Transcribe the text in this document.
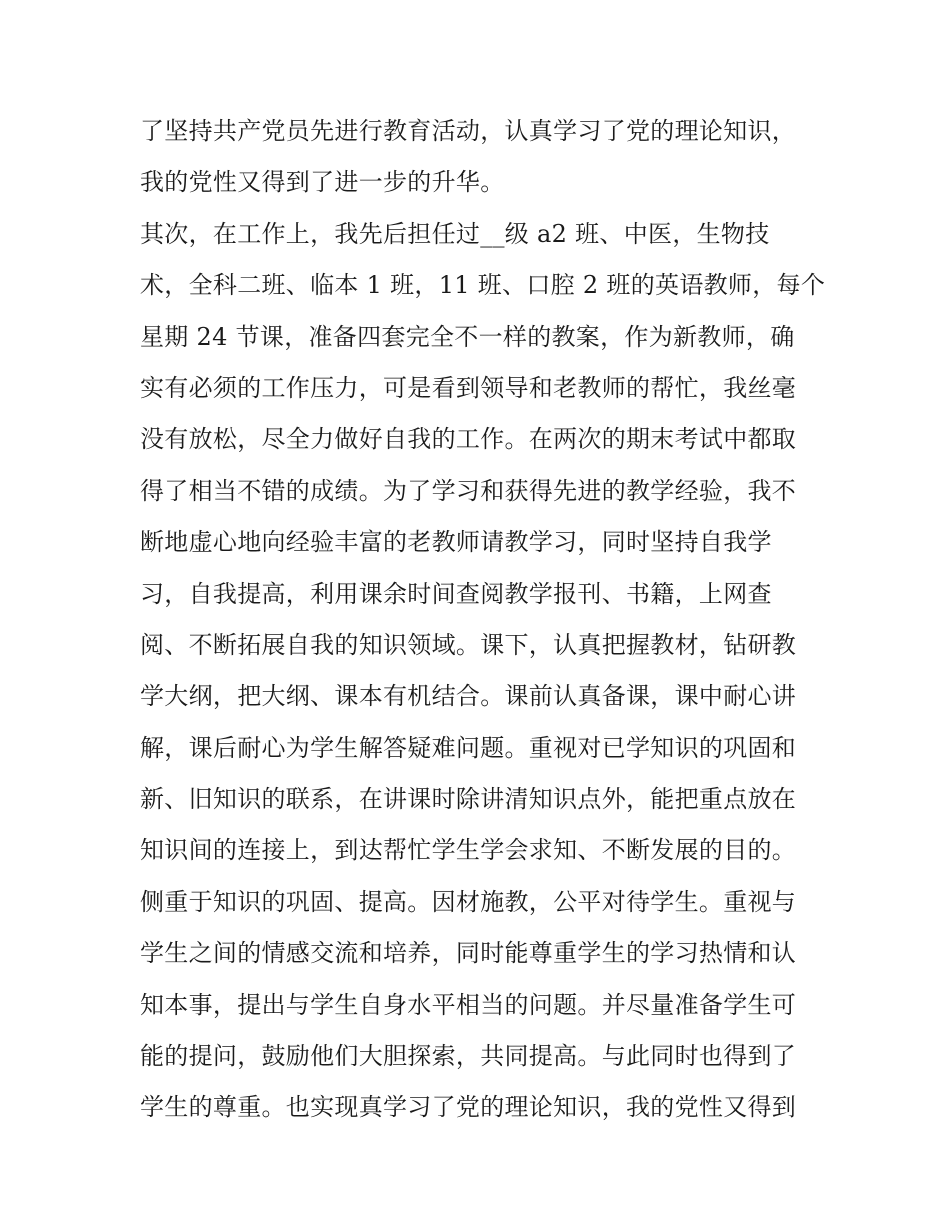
了坚持共产党员先进行教育活动，认真学习了党的理论知识，
我的党性又得到了进一步的升华。
其次，在工作上，我先后担任过__级 a2 班、中医，生物技
术，全科二班、临本 1 班，11 班、口腔 2 班的英语教师，每个
星期 24 节课，准备四套完全不一样的教案，作为新教师，确
实有必须的工作压力，可是看到领导和老教师的帮忙，我丝毫
没有放松，尽全力做好自我的工作。在两次的期末考试中都取
得了相当不错的成绩。为了学习和获得先进的教学经验，我不
断地虚心地向经验丰富的老教师请教学习，同时坚持自我学
习，自我提高，利用课余时间查阅教学报刊、书籍，上网查
阅、不断拓展自我的知识领域。课下，认真把握教材，钻研教
学大纲，把大纲、课本有机结合。课前认真备课，课中耐心讲
解，课后耐心为学生解答疑难问题。重视对已学知识的巩固和
新、旧知识的联系，在讲课时除讲清知识点外，能把重点放在
知识间的连接上，到达帮忙学生学会求知、不断发展的目的。
侧重于知识的巩固、提高。因材施教，公平对待学生。重视与
学生之间的情感交流和培养，同时能尊重学生的学习热情和认
知本事，提出与学生自身水平相当的问题。并尽量准备学生可
能的提问，鼓励他们大胆探索，共同提高。与此同时也得到了
学生的尊重。也实现真学习了党的理论知识，我的党性又得到
